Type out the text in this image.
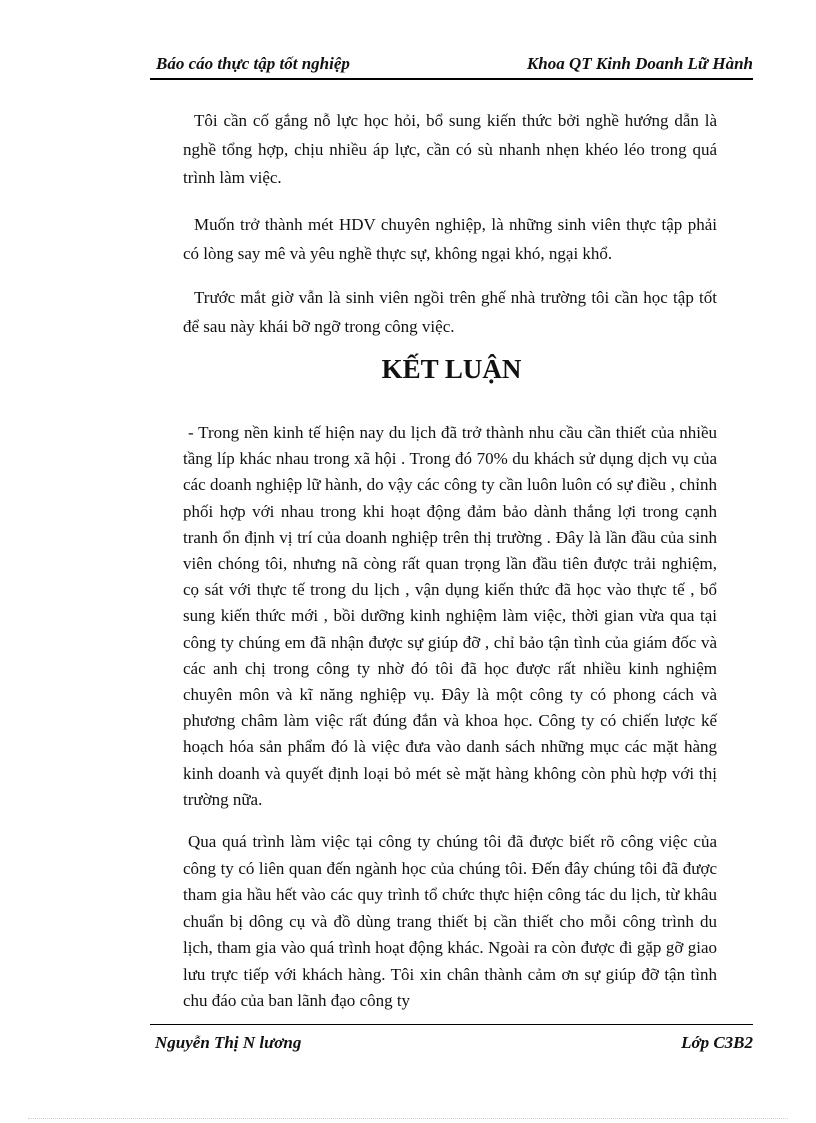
Báo cáo thực tập tốt nghiệp	Khoa QT Kinh Doanh Lữ Hành

Tôi cần cố gắng nỗ lực học hỏi, bổ sung kiến thức bởi nghề hướng dẫn là nghề tổng hợp, chịu nhiều áp lực, cần có sù nhanh nhẹn khéo léo trong quá trình làm việc.

Muốn trở thành mét HDV chuyên nghiệp, là những sinh viên thực tập phải có lòng say mê và yêu nghề thực sự, không ngại khó, ngại khổ.

Trước mắt giờ vẫn là sinh viên ngồi trên ghế nhà trường tôi cần học tập tốt để sau này khái bỡ ngỡ trong công việc.

KẾT LUẬN

- Trong nền kinh tế hiện nay du lịch đã trở thành nhu cầu cần thiết của nhiều tầng líp khác nhau trong xã hội . Trong đó 70% du khách sử dụng dịch vụ của các doanh nghiệp lữ hành, do vậy các công ty cần luôn luôn có sự điều , chỉnh phối hợp với nhau trong khi hoạt động đảm bảo dành thắng lợi trong cạnh tranh ổn định vị trí của doanh nghiệp trên thị trường . Đây là lần đầu của sinh viên chóng tôi, nhưng nã còng rất quan trọng lần đầu tiên được trải nghiệm, cọ sát với thực tế trong du lịch , vận dụng kiến thức đã học vào thực tế , bổ sung kiến thức mới , bồi dưỡng kinh nghiệm làm việc, thời gian vừa qua tại công ty chúng em đã nhận được sự giúp đỡ , chỉ bảo tận tình của giám đốc và các anh chị trong công ty nhờ đó tôi đã học được rất nhiều kinh nghiệm chuyên môn và kĩ năng nghiệp vụ. Đây là một công ty có phong cách và phương châm làm việc rất đúng đắn và khoa học. Công ty có chiến lược kế hoạch hóa sản phẩm đó là việc đưa vào danh sách những mục các mặt hàng kinh doanh và quyết định loại bỏ mét sè mặt hàng không còn phù hợp với thị trường nữa.

Qua quá trình làm việc tại công ty chúng tôi đã được biết rõ công việc của công ty có liên quan đến ngành học của chúng tôi. Đến đây chúng tôi đã được tham gia hầu hết vào các quy trình tổ chức thực hiện công tác du lịch, từ khâu chuẩn bị dông cụ và đồ dùng trang thiết bị cần thiết cho mỗi công trình du lịch, tham gia vào quá trình hoạt động khác. Ngoài ra còn được đi gặp gỡ giao lưu trực tiếp với khách hàng. Tôi xin chân thành cảm ơn sự giúp đỡ tận tình chu đáo của ban lãnh đạo công ty

Nguyễn Thị N lương	Lớp C3B2
